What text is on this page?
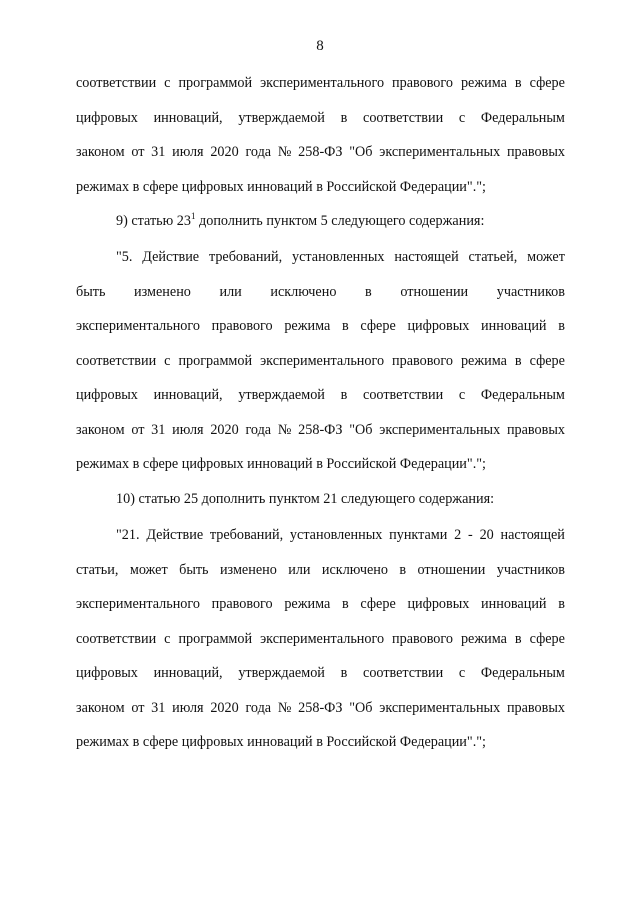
8
соответствии с программой экспериментального правового режима в сфере
цифровых инноваций, утверждаемой в соответствии с Федеральным
законом от 31 июля 2020 года № 258-ФЗ "Об экспериментальных правовых
режимах в сфере цифровых инноваций в Российской Федерации".";
9) статью $23^1$ дополнить пунктом 5 следующего содержания:
"5. Действие требований, установленных настоящей статьей, может
быть изменено или исключено в отношении участников
экспериментального правового режима в сфере цифровых инноваций в
соответствии с программой экспериментального правового режима в сфере
цифровых инноваций, утверждаемой в соответствии с Федеральным
законом от 31 июля 2020 года № 258-ФЗ "Об экспериментальных правовых
режимах в сфере цифровых инноваций в Российской Федерации".";
10) статью 25 дополнить пунктом 21 следующего содержания:
"21. Действие требований, установленных пунктами 2 - 20 настоящей
статьи, может быть изменено или исключено в отношении участников
экспериментального правового режима в сфере цифровых инноваций в
соответствии с программой экспериментального правового режима в сфере
цифровых инноваций, утверждаемой в соответствии с Федеральным
законом от 31 июля 2020 года № 258-ФЗ "Об экспериментальных правовых
режимах в сфере цифровых инноваций в Российской Федерации".";
